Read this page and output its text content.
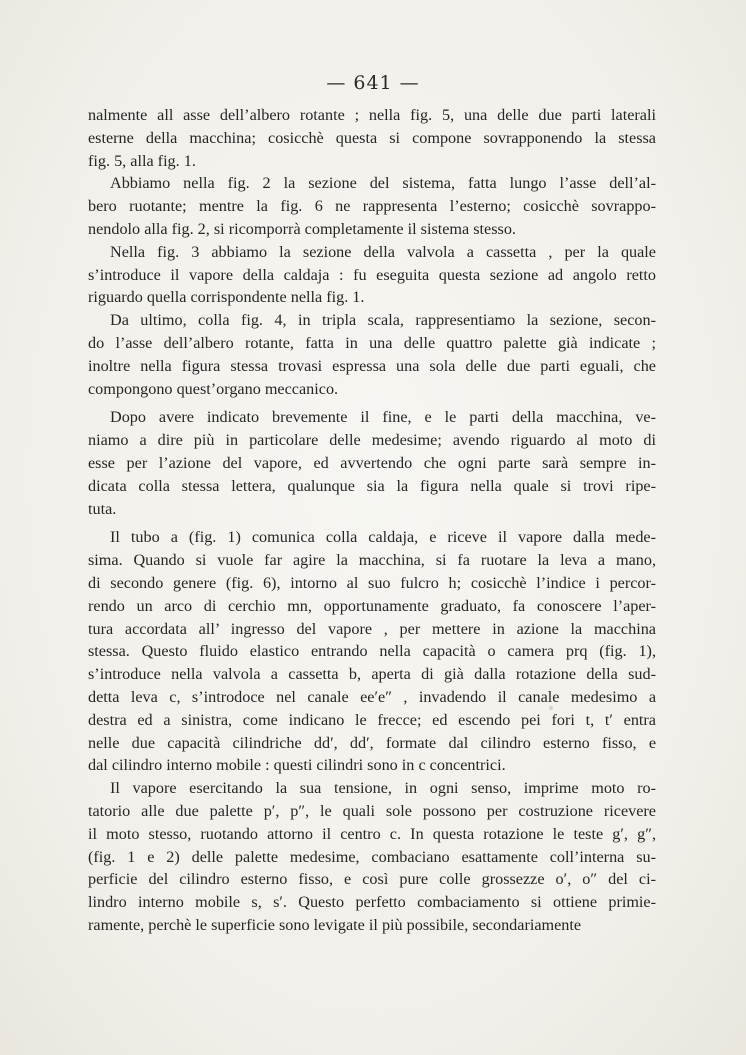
— 641 —
nalmente all asse dell’albero rotante ; nella fig. 5, una delle due parti laterali
esterne della macchina; cosicchè questa si compone sovrapponendo la stessa
fig. 5, alla fig. 1.
Abbiamo nella fig. 2 la sezione del sistema, fatta lungo l’asse dell’al-
bero ruotante; mentre la fig. 6 ne rappresenta l’esterno; cosicchè sovrappo-
nendolo alla fig. 2, si ricomporrà completamente il sistema stesso.
Nella fig. 3 abbiamo la sezione della valvola a cassetta , per la quale
s’introduce il vapore della caldaja : fu eseguita questa sezione ad angolo retto
riguardo quella corrispondente nella fig. 1.
Da ultimo, colla fig. 4, in tripla scala, rappresentiamo la sezione, secon-
do l’asse dell’albero rotante, fatta in una delle quattro palette già indicate ;
inoltre nella figura stessa trovasi espressa una sola delle due parti eguali, che
compongono quest’organo meccanico.
Dopo avere indicato brevemente il fine, e le parti della macchina, ve-
niamo a dire più in particolare delle medesime; avendo riguardo al moto di
esse per l’azione del vapore, ed avvertendo che ogni parte sarà sempre in-
dicata colla stessa lettera, qualunque sia la figura nella quale si trovi ripe-
tuta.
Il tubo a (fig. 1) comunica colla caldaja, e riceve il vapore dalla mede-
sima. Quando si vuole far agire la macchina, si fa ruotare la leva a mano,
di secondo genere (fig. 6), intorno al suo fulcro h; cosicchè l’indice i percor-
rendo un arco di cerchio mn, opportunamente graduato, fa conoscere l’aper-
tura accordata all’ ingresso del vapore , per mettere in azione la macchina
stessa. Questo fluido elastico entrando nella capacità o camera prq (fig. 1),
s’introduce nella valvola a cassetta b, aperta di già dalla rotazione della sud-
detta leva c, s’introdoce nel canale ee′e″ , invadendo il canale medesimo a
destra ed a sinistra, come indicano le frecce; ed escendo pei fori t, t′ entra
nelle due capacità cilindriche dd′, dd′, formate dal cilindro esterno fisso, e
dal cilindro interno mobile : questi cilindri sono in c concentrici.
Il vapore esercitando la sua tensione, in ogni senso, imprime moto ro-
tatorio alle due palette p′, p″, le quali sole possono per costruzione ricevere
il moto stesso, ruotando attorno il centro c. In questa rotazione le teste g′, g″,
(fig. 1 e 2) delle palette medesime, combaciano esattamente coll’interna su-
perficie del cilindro esterno fisso, e così pure colle grossezze o′, o″ del ci-
lindro interno mobile s, s′. Questo perfetto combaciamento si ottiene primie-
ramente, perchè le superficie sono levigate il più possibile, secondariamente
